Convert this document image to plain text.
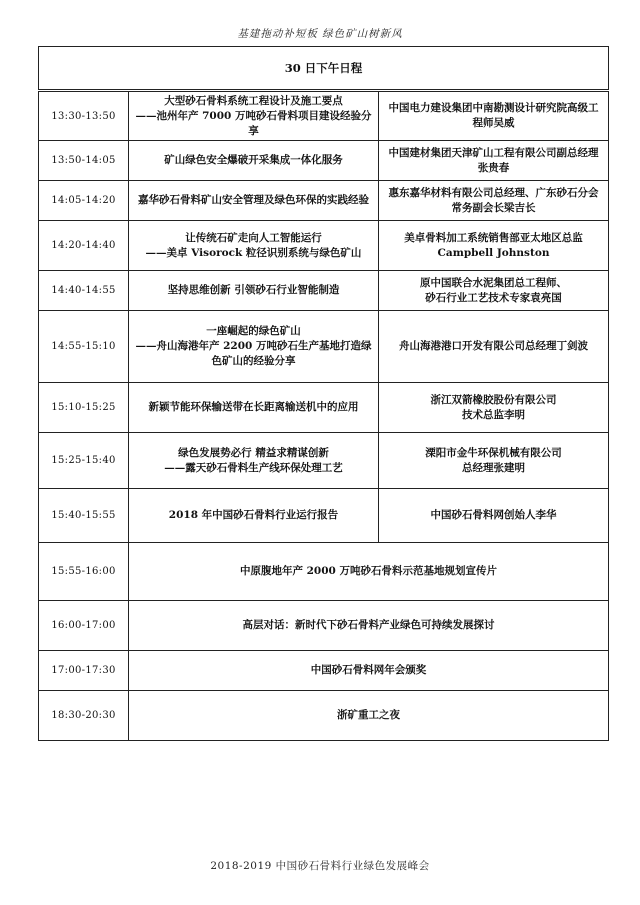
基建拖动补短板 绿色矿山树新风
30 日下午日程		
13:30-13:50	大型砂石骨料系统工程设计及施工要点
——池州年产 7000 万吨砂石骨料项目建设经验分享	中国电力建设集团中南勘测设计研究院高级工程师吴威

13:50-14:05	矿山绿色安全爆破开采集成一体化服务	中国建材集团天津矿山工程有限公司副总经理张贵春

14:05-14:20	嘉华砂石骨料矿山安全管理及绿色环保的实践经验	惠东嘉华材料有限公司总经理、广东砂石分会常务副会长梁吉长

14:20-14:40	让传统石矿走向人工智能运行
——美卓 Visorock 粒径识别系统与绿色矿山	美卓骨料加工系统销售部亚太地区总监
Campbell Johnston

14:40-14:55	坚持思维创新 引领砂石行业智能制造	原中国联合水泥集团总工程师、
砂石行业工艺技术专家袁亮国

14:55-15:10	一座崛起的绿色矿山
——舟山海港年产 2200 万吨砂石生产基地打造绿色矿山的经验分享	舟山海港港口开发有限公司总经理丁剑波

15:10-15:25	新颖节能环保输送带在长距离输送机中的应用	浙江双箭橡胶股份有限公司
技术总监李明

15:25-15:40	绿色发展势必行 精益求精谋创新
——露天砂石骨料生产线环保处理工艺	溧阳市金牛环保机械有限公司
总经理张建明

15:40-15:55	2018 年中国砂石骨料行业运行报告	中国砂石骨料网创始人李华

15:55-16:00	中原腹地年产 2000 万吨砂石骨料示范基地规划宣传片	
16:00-17:00	高层对话：新时代下砂石骨料产业绿色可持续发展探讨	
17:00-17:30	中国砂石骨料网年会颁奖	
18:30-20:30	浙矿重工之夜	
2018-2019 中国砂石骨料行业绿色发展峰会
